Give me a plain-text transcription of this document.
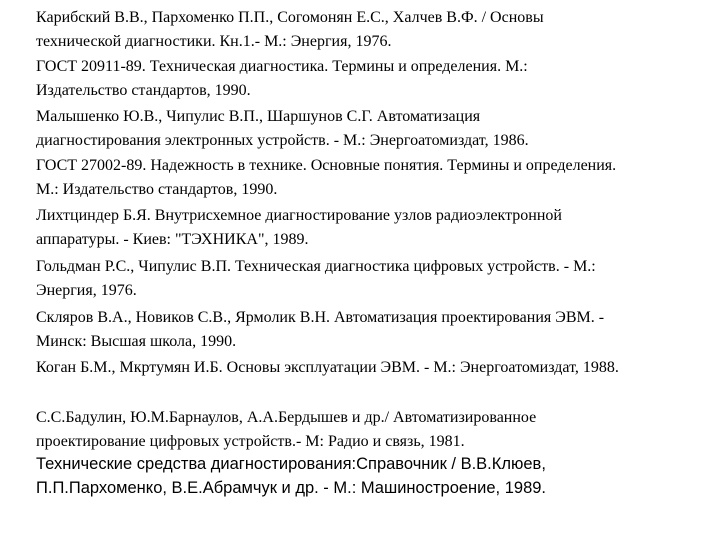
Карибский В.В., Пархоменко П.П., Согомонян Е.С., Халчев В.Ф. / Основы
технической диагностики. Кн.1.- М.: Энергия, 1976.
ГОСТ 20911-89. Техническая диагностика. Термины и определения. М.:
Издательство стандартов, 1990.
Малышенко Ю.В., Чипулис В.П., Шаршунов С.Г. Автоматизация
диагностирования электронных устройств. - М.: Энергоатомиздат, 1986.
ГОСТ 27002-89. Надежность в технике. Основные понятия. Термины и определения.
М.: Издательство стандартов, 1990.
Лихтциндер Б.Я. Внутрисхемное диагностирование узлов радиоэлектронной
аппаратуры. - Киев: "ТЭХНИКА", 1989.
Гольдман Р.С., Чипулис В.П. Техническая диагностика цифровых устройств. - М.:
Энергия, 1976.
Скляров В.А., Новиков С.В., Ярмолик В.Н. Автоматизация проектирования ЭВМ. -
Минск: Высшая школа, 1990.
Коган Б.М., Мкртумян И.Б. Основы эксплуатации ЭВМ. - М.: Энергоатомиздат, 1988.
С.С.Бадулин, Ю.М.Барнаулов, А.А.Бердышев и др./ Автоматизированное
проектирование цифровых устройств.- М: Радио и связь, 1981.
Технические средства диагностирования:Справочник / В.В.Клюев,
П.П.Пархоменко, В.Е.Абрамчук и др. - М.: Машиностроение, 1989.
